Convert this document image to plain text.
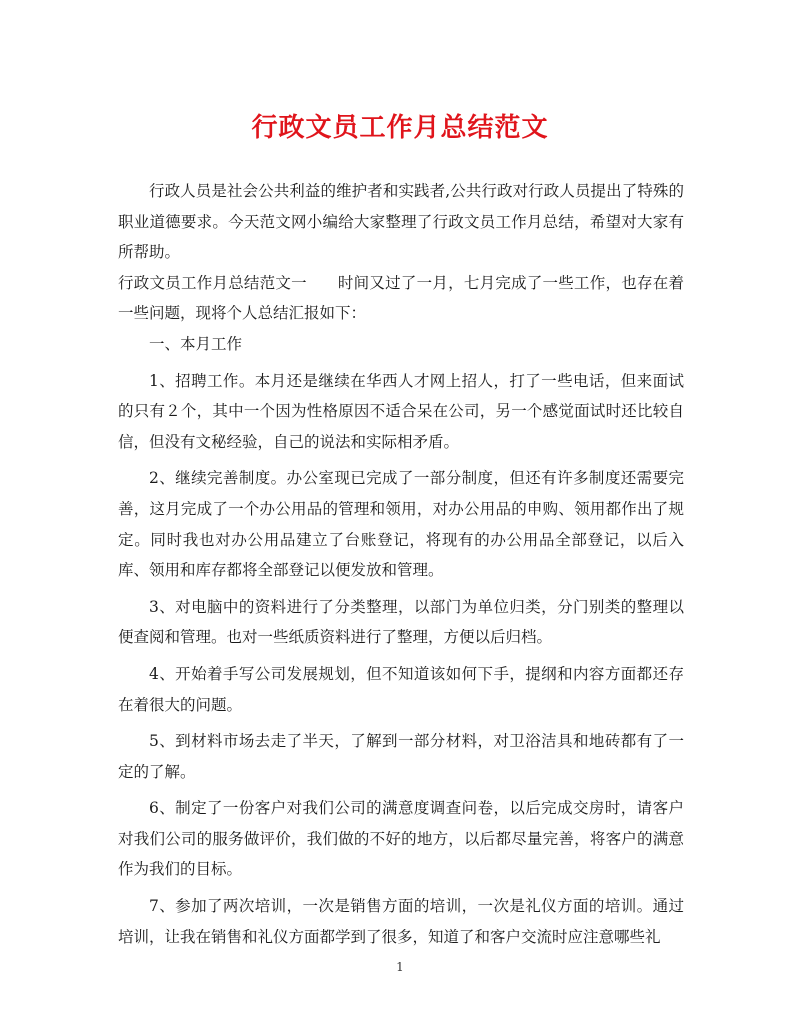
行政文员工作月总结范文

行政人员是社会公共利益的维护者和实践者,公共行政对行政人员提出了特殊的职业道德要求。今天范文网小编给大家整理了行政文员工作月总结，希望对大家有所帮助。

行政文员工作月总结范文一 时间又过了一月，七月完成了一些工作，也存在着一些问题，现将个人总结汇报如下：

一、本月工作

1、招聘工作。本月还是继续在华西人才网上招人，打了一些电话，但来面试的只有２个，其中一个因为性格原因不适合呆在公司，另一个感觉面试时还比较自信，但没有文秘经验，自己的说法和实际相矛盾。

2、继续完善制度。办公室现已完成了一部分制度，但还有许多制度还需要完善，这月完成了一个办公用品的管理和领用，对办公用品的申购、领用都作出了规定。同时我也对办公用品建立了台账登记，将现有的办公用品全部登记，以后入库、领用和库存都将全部登记以便发放和管理。

3、对电脑中的资料进行了分类整理，以部门为单位归类，分门别类的整理以便查阅和管理。也对一些纸质资料进行了整理，方便以后归档。

4、开始着手写公司发展规划，但不知道该如何下手，提纲和内容方面都还存在着很大的问题。

5、到材料市场去走了半天，了解到一部分材料，对卫浴洁具和地砖都有了一定的了解。

6、制定了一份客户对我们公司的满意度调查问卷，以后完成交房时，请客户对我们公司的服务做评价，我们做的不好的地方，以后都尽量完善，将客户的满意作为我们的目标。

7、参加了两次培训，一次是销售方面的培训，一次是礼仪方面的培训。通过培训，让我在销售和礼仪方面都学到了很多，知道了和客户交流时应注意哪些礼

1
